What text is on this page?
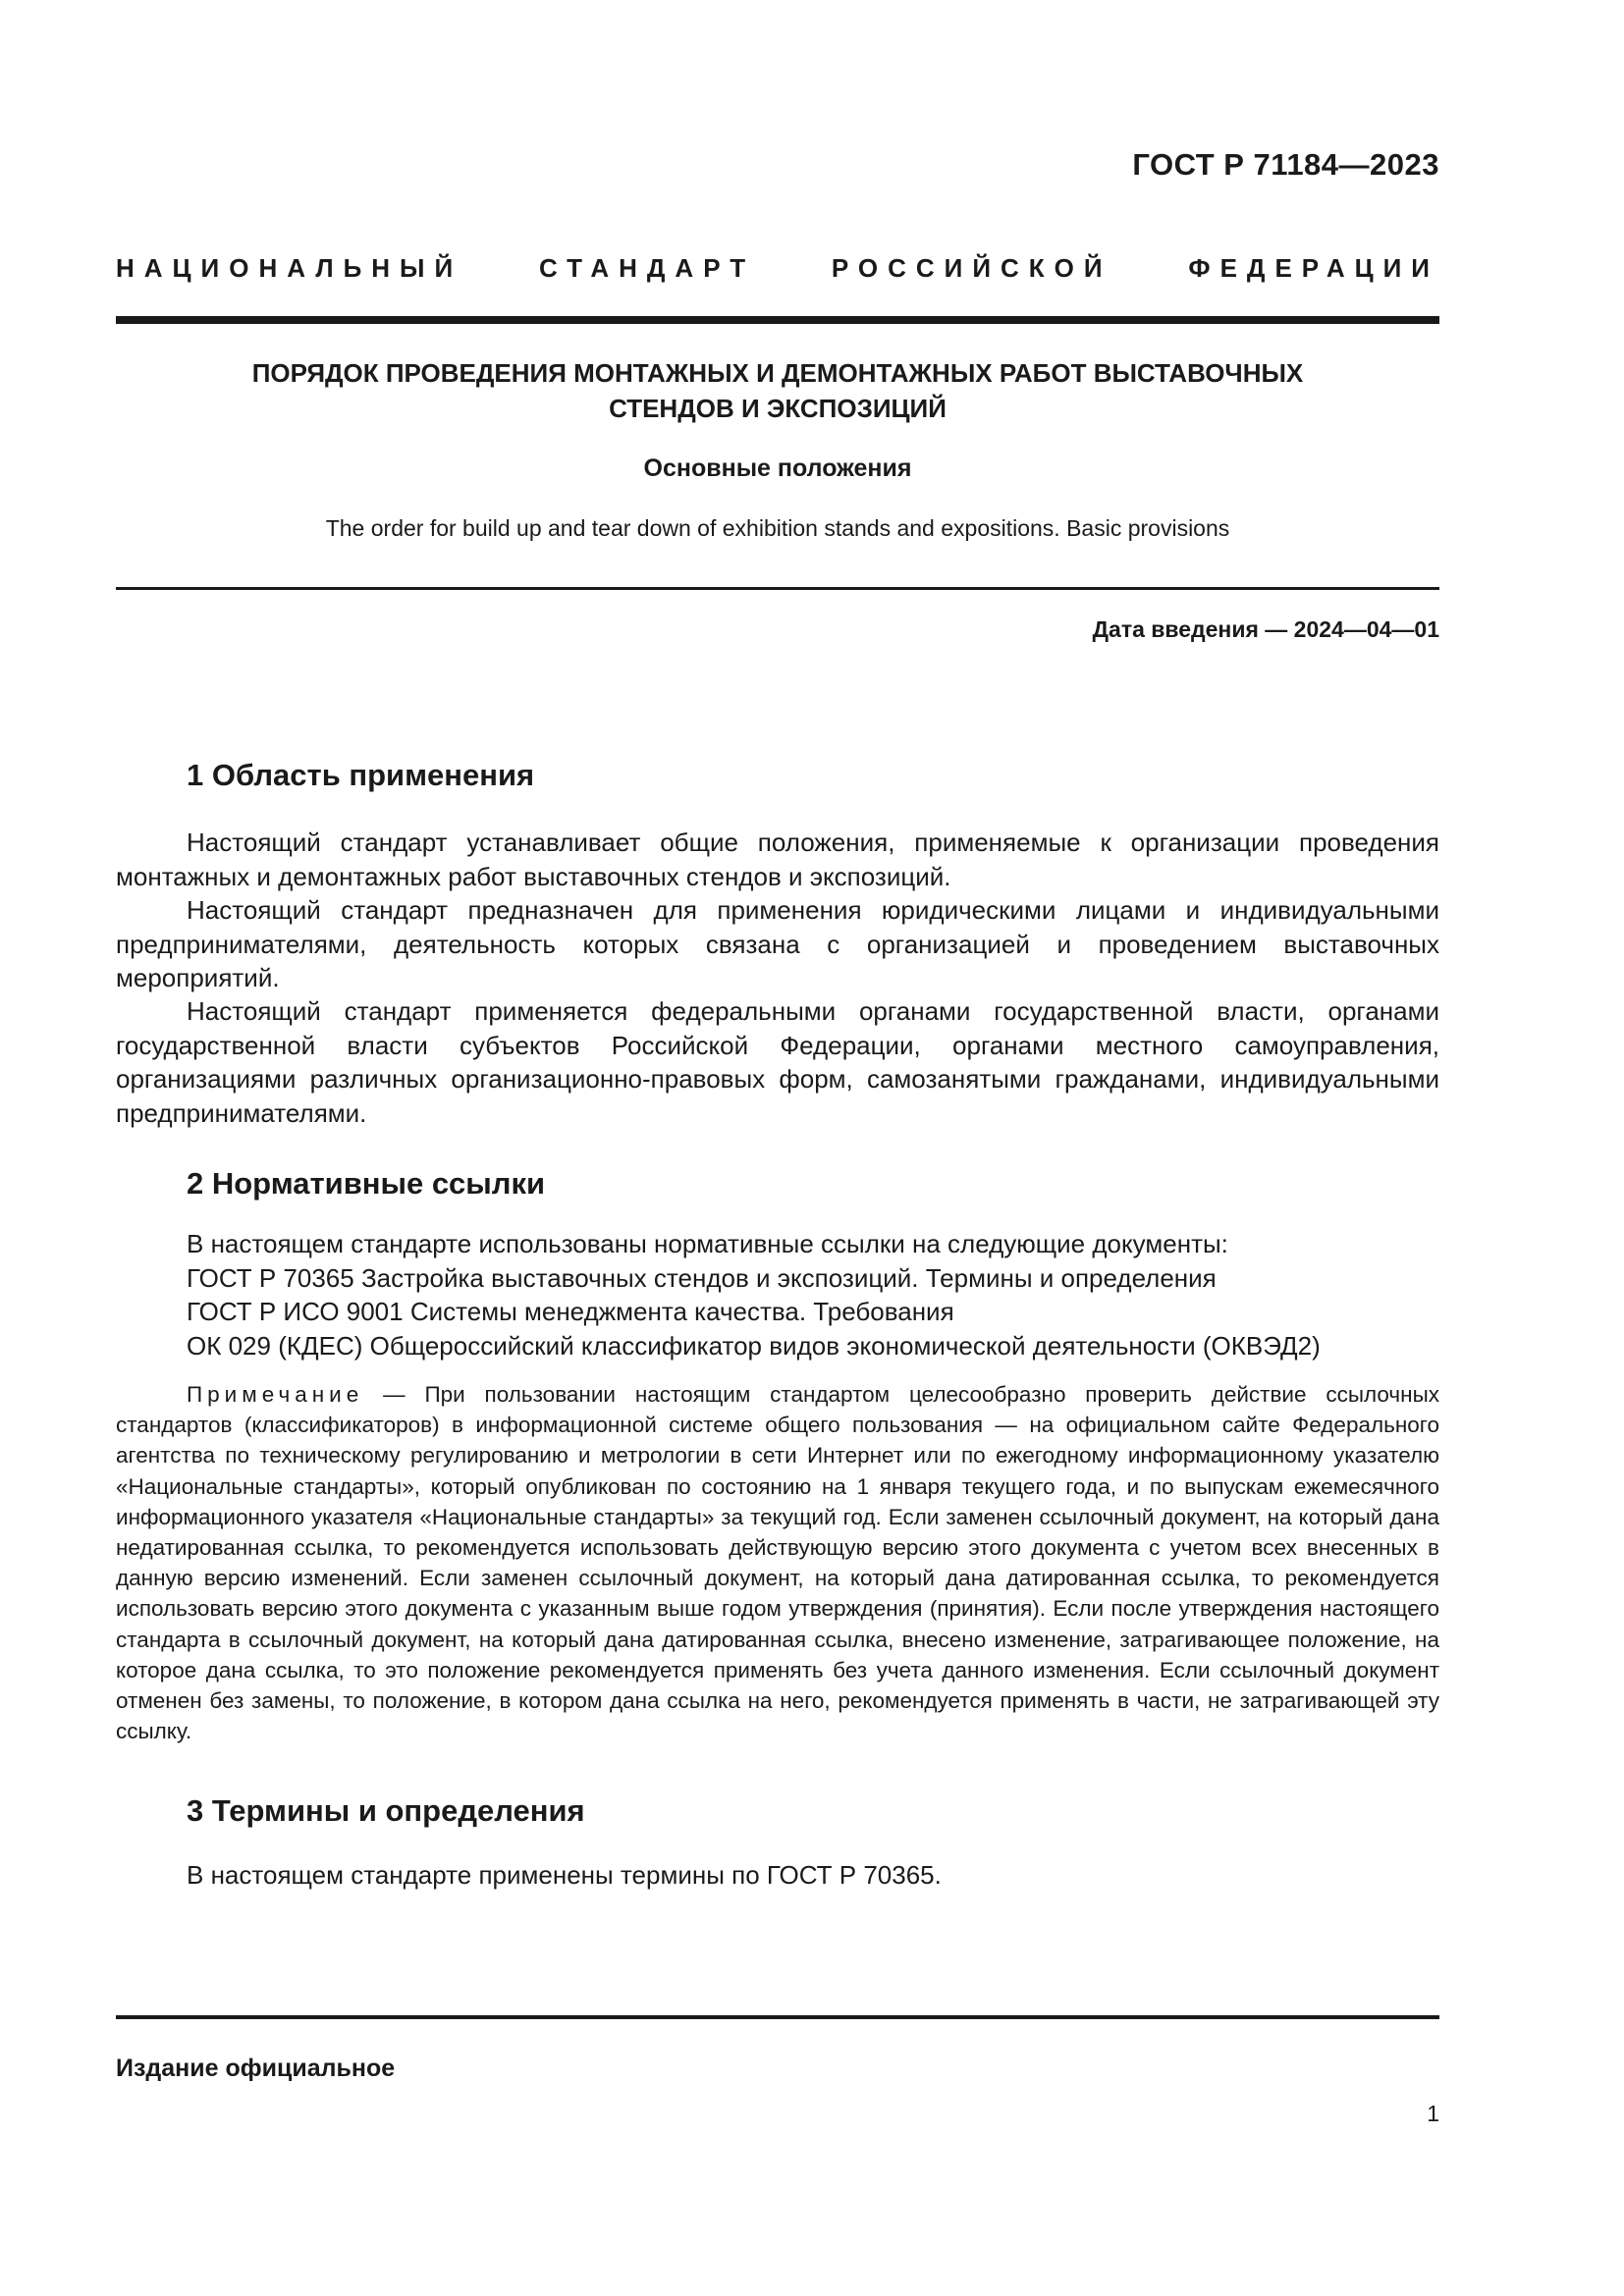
ГОСТ Р 71184—2023
НАЦИОНАЛЬНЫЙ СТАНДАРТ РОССИЙСКОЙ ФЕДЕРАЦИИ
ПОРЯДОК ПРОВЕДЕНИЯ МОНТАЖНЫХ И ДЕМОНТАЖНЫХ РАБОТ ВЫСТАВОЧНЫХ
СТЕНДОВ И ЭКСПОЗИЦИЙ
Основные положения
The order for build up and tear down of exhibition stands and expositions. Basic provisions
Дата введения — 2024—04—01
1 Область применения

Настоящий стандарт устанавливает общие положения, применяемые к организации проведения монтажных и демонтажных работ выставочных стендов и экспозиций.

Настоящий стандарт предназначен для применения юридическими лицами и индивидуальными предпринимателями, деятельность которых связана с организацией и проведением выставочных мероприятий.

Настоящий стандарт применяется федеральными органами государственной власти, органами государственной власти субъектов Российской Федерации, органами местного самоуправления, организациями различных организационно-правовых форм, самозанятыми гражданами, индивидуальными предпринимателями.

2 Нормативные ссылки
В настоящем стандарте использованы нормативные ссылки на следующие документы:
ГОСТ Р 70365 Застройка выставочных стендов и экспозиций. Термины и определения
ГОСТ Р ИСО 9001 Системы менеджмента качества. Требования
ОК 029 (КДЕС) Общероссийский классификатор видов экономической деятельности (ОКВЭД2)

Примечание — При пользовании настоящим стандартом целесообразно проверить действие ссылочных стандартов (классификаторов) в информационной системе общего пользования — на официальном сайте Федерального агентства по техническому регулированию и метрологии в сети Интернет или по ежегодному информационному указателю «Национальные стандарты», который опубликован по состоянию на 1 января текущего года, и по выпускам ежемесячного информационного указателя «Национальные стандарты» за текущий год. Если заменен ссылочный документ, на который дана недатированная ссылка, то рекомендуется использовать действующую версию этого документа с учетом всех внесенных в данную версию изменений. Если заменен ссылочный документ, на который дана датированная ссылка, то рекомендуется использовать версию этого документа с указанным выше годом утверждения (принятия). Если после утверждения настоящего стандарта в ссылочный документ, на который дана датированная ссылка, внесено изменение, затрагивающее положение, на которое дана ссылка, то это положение рекомендуется применять без учета данного изменения. Если ссылочный документ отменен без замены, то положение, в котором дана ссылка на него, рекомендуется применять в части, не затрагивающей эту ссылку.

3 Термины и определения

В настоящем стандарте применены термины по ГОСТ Р 70365.

Издание официальное
1
